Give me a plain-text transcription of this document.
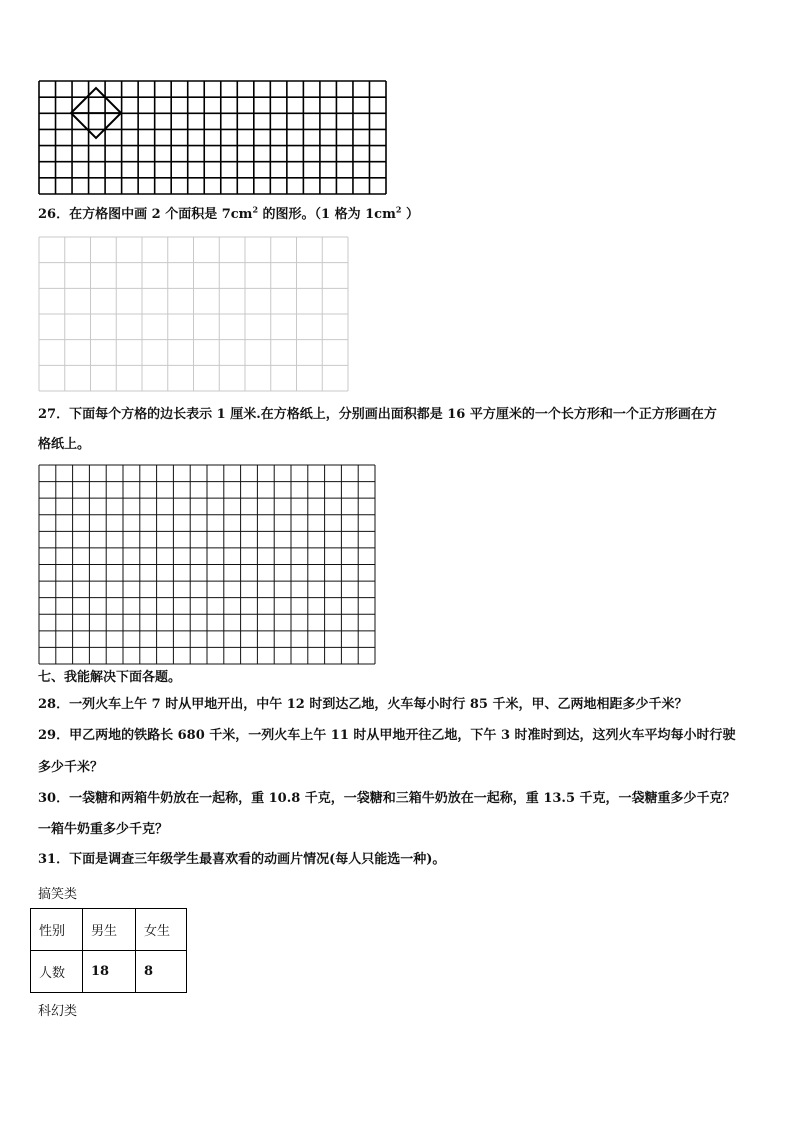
26．在方格图中画 2 个面积是 $7cm^2$ 的图形。（1 格为 $1cm^2$ ）
27．下面每个方格的边长表示 1 厘米.在方格纸上，分别画出面积都是 16 平方厘米的一个长方形和一个正方形画在方
格纸上。
七、我能解决下面各题。
28．一列火车上午 7 时从甲地开出，中午 12 时到达乙地，火车每小时行 85 千米，甲、乙两地相距多少千米？
29．甲乙两地的铁路长 680 千米，一列火车上午 11 时从甲地开往乙地，下午 3 时准时到达，这列火车平均每小时行驶
多少千米？
30．一袋糖和两箱牛奶放在一起称，重 10.8 千克，一袋糖和三箱牛奶放在一起称，重 13.5 千克，一袋糖重多少千克？
一箱牛奶重多少千克？
31．下面是调查三年级学生最喜欢看的动画片情况(每人只能选一种)。
搞笑类
性别	男生	女生
人数	18	8
科幻类
